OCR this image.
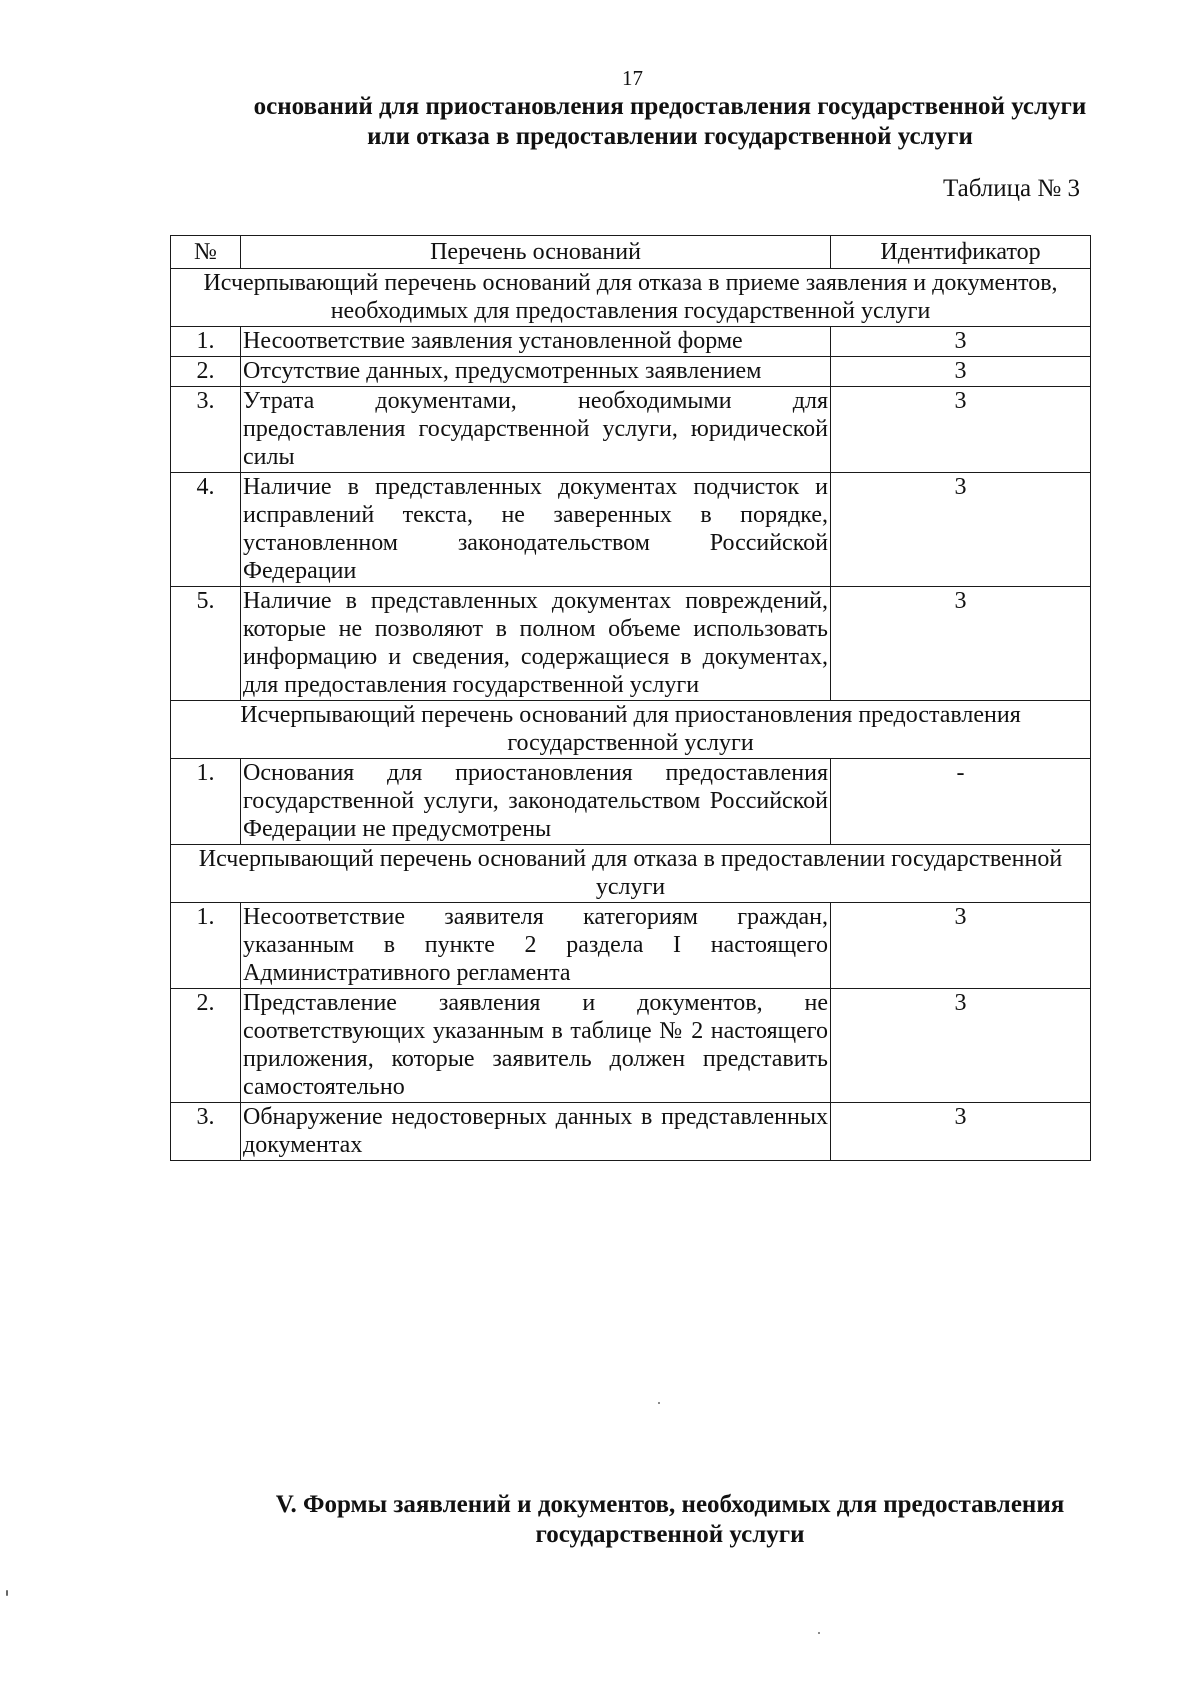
17
оснований для приостановления предоставления государственной услуги
или отказа в предоставлении государственной услуги
Таблица № 3
№	Перечень оснований	Идентификатор
Исчерпывающий перечень оснований для отказа в приеме заявления и документов, необходимых для предоставления государственной услуги		
1.	Несоответствие заявления установленной форме	3
2.	Отсутствие данных, предусмотренных заявлением	3
3.	Утрата документами, необходимыми для предоставления государственной услуги, юридической силы	3
4.	Наличие в представленных документах подчисток и исправлений текста, не заверенных в порядке, установленном законодательством Российской Федерации	3
5.	Наличие в представленных документах повреждений, которые не позволяют в полном объеме использовать информацию и сведения, содержащиеся в документах, для предоставления государственной услуги	3
Исчерпывающий перечень оснований для приостановления предоставления государственной услуги		
1.	Основания для приостановления предоставления государственной услуги, законодательством Российской Федерации не предусмотрены	-
Исчерпывающий перечень оснований для отказа в предоставлении государственной услуги		
1.	Несоответствие заявителя категориям граждан, указанным в пункте 2 раздела I настоящего Административного регламента	3
2.	Представление заявления и документов, не соответствующих указанным в таблице № 2 настоящего приложения, которые заявитель должен представить самостоятельно	3
3.	Обнаружение недостоверных данных в представленных документах	3
V. Формы заявлений и документов, необходимых для предоставления
государственной услуги
